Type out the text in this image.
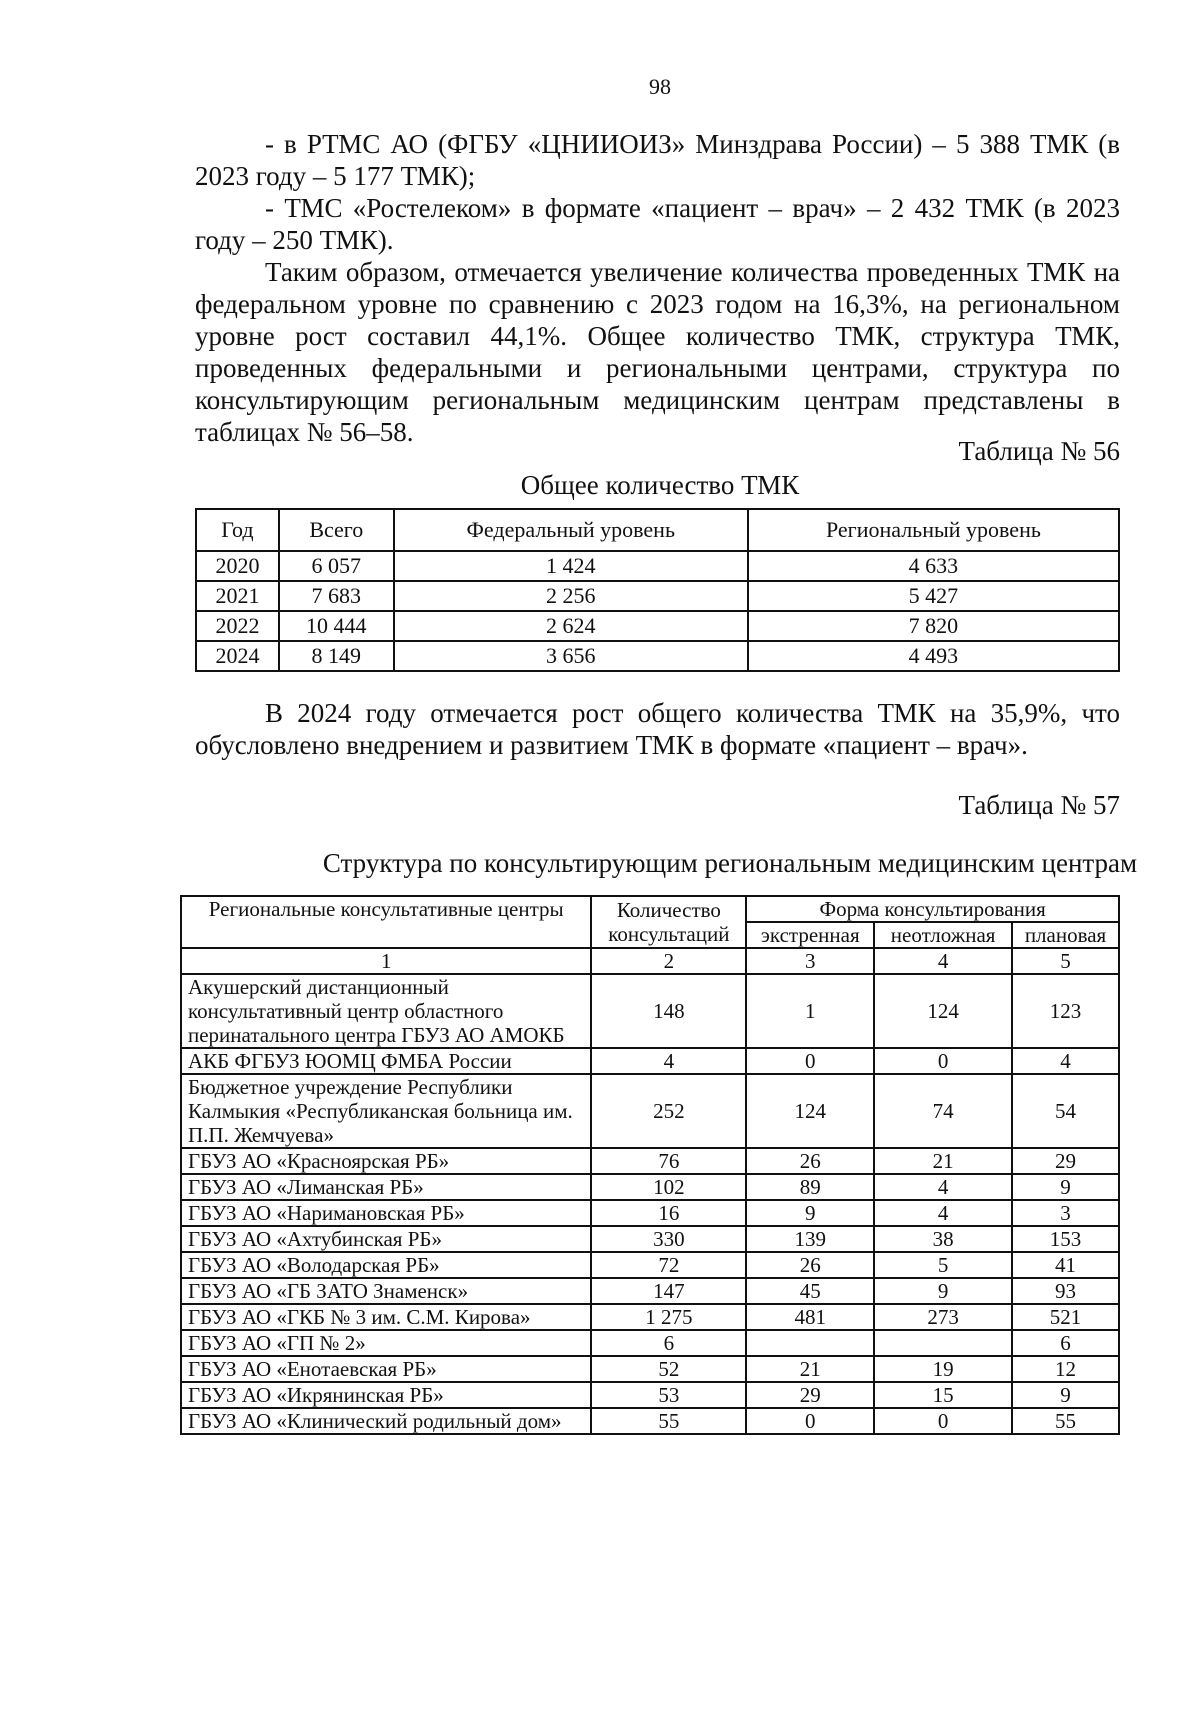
98

- в РТМС АО (ФГБУ «ЦНИИОИЗ» Минздрава России) – 5 388 ТМК (в 2023 году – 5 177 ТМК);

- ТМС «Ростелеком» в формате «пациент – врач» – 2 432 ТМК (в 2023 году – 250 ТМК).

Таким образом, отмечается увеличение количества проведенных ТМК на федеральном уровне по сравнению с 2023 годом на 16,3%, на региональном уровне рост составил 44,1%. Общее количество ТМК, структура ТМК, проведенных федеральными и региональными центрами, структура по консультирующим региональным медицинским центрам представлены в таблицах № 56–58.

Таблица № 56
Общее количество ТМК
Год	Всего	Федеральный уровень	Региональный уровень
2020	6 057	1 424	4 633
2021	7 683	2 256	5 427
2022	10 444	2 624	7 820
2024	8 149	3 656	4 493

В 2024 году отмечается рост общего количества ТМК на 35,9%, что обусловлено внедрением и развитием ТМК в формате «пациент – врач».

Таблица № 57
Структура по консультирующим региональным медицинским центрам
Региональные консультативные центры	Количество консультаций	Форма консультирования		
		экстренная	неотложная	плановая
1	2	3	4	5
Акушерский дистанционный консультативный центр областного перинатального центра ГБУЗ АО АМОКБ	148	1	124	123
АКБ ФГБУЗ ЮОМЦ ФМБА России	4	0	0	4
Бюджетное учреждение Республики Калмыкия «Республиканская больница им. П.П. Жемчуева»	252	124	74	54
ГБУЗ АО «Красноярская РБ»	76	26	21	29
ГБУЗ АО «Лиманская РБ»	102	89	4	9
ГБУЗ АО «Наримановская РБ»	16	9	4	3
ГБУЗ АО «Ахтубинская РБ»	330	139	38	153
ГБУЗ АО «Володарская РБ»	72	26	5	41
ГБУЗ АО «ГБ ЗАТО Знаменск»	147	45	9	93
ГБУЗ АО «ГКБ № 3 им. С.М. Кирова»	1 275	481	273	521
ГБУЗ АО «ГП № 2»	6			6
ГБУЗ АО «Енотаевская РБ»	52	21	19	12
ГБУЗ АО «Икрянинская РБ»	53	29	15	9
ГБУЗ АО «Клинический родильный дом»	55	0	0	55
